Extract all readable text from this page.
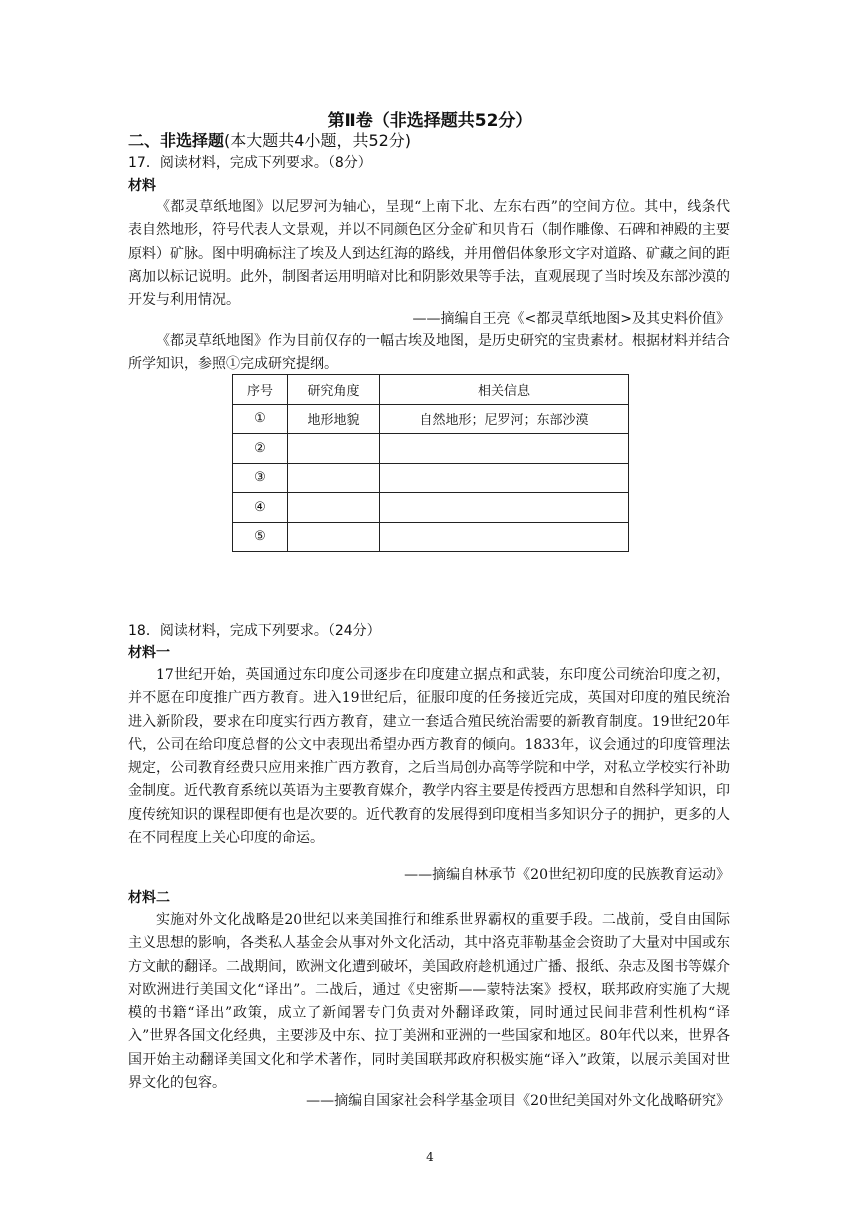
第Ⅱ卷（非选择题共52分）
二、非选择题(本大题共4小题，共52分)
17．阅读材料，完成下列要求。（8分）
材料

《都灵草纸地图》以尼罗河为轴心，呈现“上南下北、左东右西”的空间方位。其中，线条代表自然地形，符号代表人文景观，并以不同颜色区分金矿和贝肯石（制作雕像、石碑和神殿的主要原料）矿脉。图中明确标注了埃及人到达红海的路线，并用僧侣体象形文字对道路、矿藏之间的距离加以标记说明。此外，制图者运用明暗对比和阴影效果等手法，直观展现了当时埃及东部沙漠的开发与利用情况。

——摘编自王亮《<都灵草纸地图>及其史料价值》

《都灵草纸地图》作为目前仅存的一幅古埃及地图，是历史研究的宝贵素材。根据材料并结合所学知识，参照①完成研究提纲。

序号	研究角度	相关信息
①	地形地貌	自然地形；尼罗河；东部沙漠
②		
③		
④		
⑤		
18．阅读材料，完成下列要求。（24分）
材料一

17世纪开始，英国通过东印度公司逐步在印度建立据点和武装，东印度公司统治印度之初，并不愿在印度推广西方教育。进入19世纪后，征服印度的任务接近完成，英国对印度的殖民统治进入新阶段，要求在印度实行西方教育，建立一套适合殖民统治需要的新教育制度。19世纪20年代，公司在给印度总督的公文中表现出希望办西方教育的倾向。1833年，议会通过的印度管理法规定，公司教育经费只应用来推广西方教育，之后当局创办高等学院和中学，对私立学校实行补助金制度。近代教育系统以英语为主要教育媒介，教学内容主要是传授西方思想和自然科学知识，印度传统知识的课程即便有也是次要的。近代教育的发展得到印度相当多知识分子的拥护，更多的人在不同程度上关心印度的命运。

——摘编自林承节《20世纪初印度的民族教育运动》
材料二

实施对外文化战略是20世纪以来美国推行和维系世界霸权的重要手段。二战前，受自由国际主义思想的影响，各类私人基金会从事对外文化活动，其中洛克菲勒基金会资助了大量对中国或东方文献的翻译。二战期间，欧洲文化遭到破坏，美国政府趁机通过广播、报纸、杂志及图书等媒介对欧洲进行美国文化“译出”。二战后，通过《史密斯——蒙特法案》授权，联邦政府实施了大规模的书籍“译出”政策，成立了新闻署专门负责对外翻译政策，同时通过民间非营利性机构“译入”世界各国文化经典，主要涉及中东、拉丁美洲和亚洲的一些国家和地区。80年代以来，世界各国开始主动翻译美国文化和学术著作，同时美国联邦政府积极实施“译入”政策，以展示美国对世界文化的包容。

——摘编自国家社会科学基金项目《20世纪美国对外文化战略研究》
4
